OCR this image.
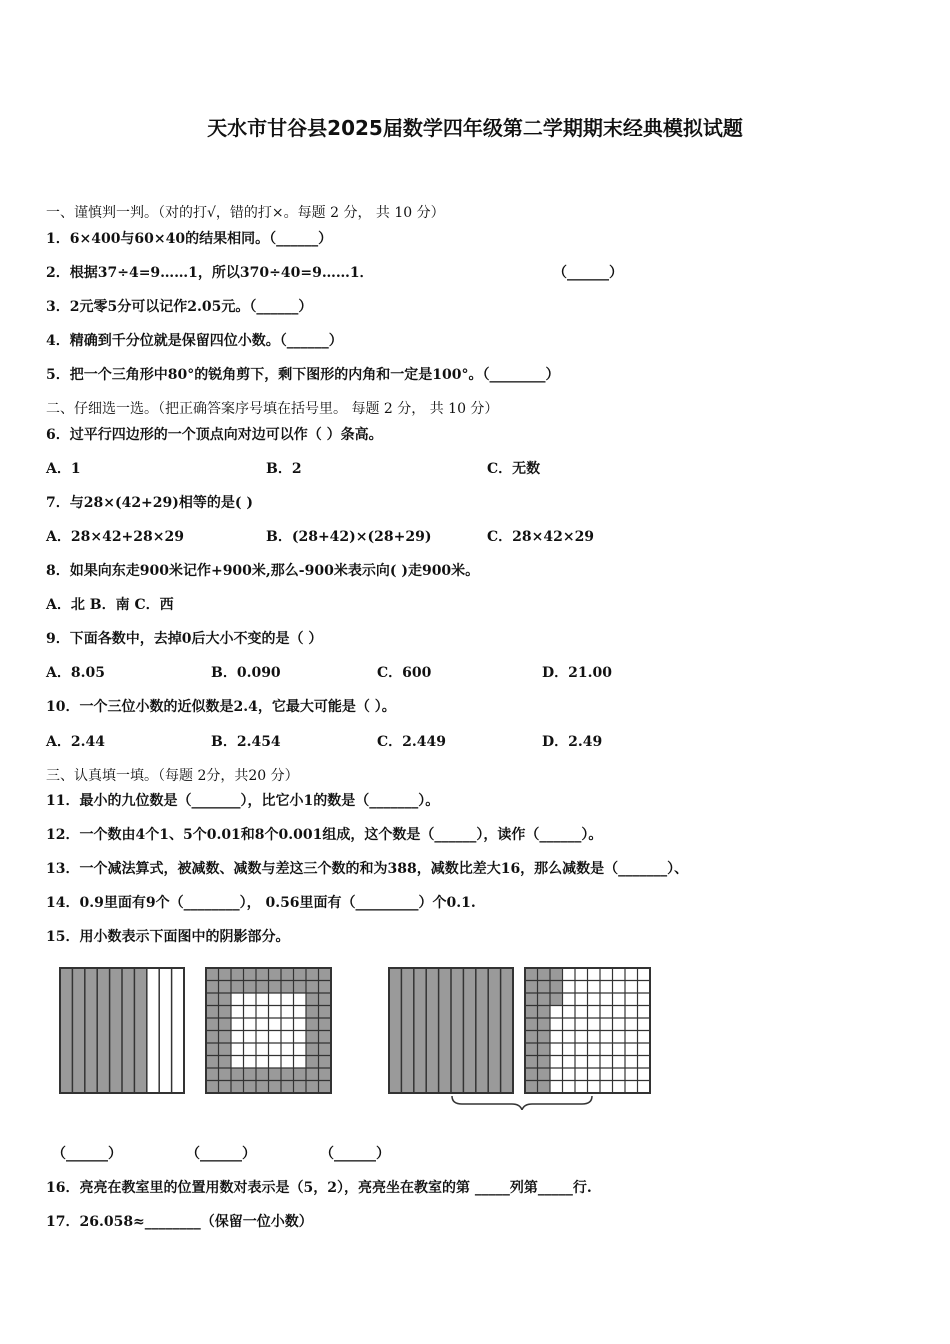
天水市甘谷县2025届数学四年级第二学期期末经典模拟试题
一、谨慎判一判。（对的打√，错的打×。每题 2 分， 共 10 分）
1．6×400与60×40的结果相同。（______）
2．根据37÷4=9……1，所以370÷40=9……1．	（______）
3．2元零5分可以记作2.05元。（______）
4．精确到千分位就是保留四位小数。（______）
5．把一个三角形中80°的锐角剪下，剩下图形的内角和一定是100°。（________）
二、仔细选一选。（把正确答案序号填在括号里。 每题 2 分， 共 10 分）
6．过平行四边形的一个顶点向对边可以作（ ）条高。
A．1	B．2	C．无数
7．与28×(42+29)相等的是( )
A．28×42+28×29	B．(28+42)×(28+29)	C．28×42×29
8．如果向东走900米记作+900米,那么-900米表示向( )走900米。
A．北 B．南 C．西
9．下面各数中，去掉0后大小不变的是（ ）
A．8.05	B．0.090	C．600	D．21.00
10．一个三位小数的近似数是2.4，它最大可能是（ ）。
A．2.44	B．2.454	C．2.449	D．2.49
三、认真填一填。（每题 2分，共20 分）
11．最小的九位数是（_______），比它小1的数是（_______）。
12．一个数由4个1、5个0.01和8个0.001组成，这个数是（______），读作（______）。
13．一个减法算式，被减数、减数与差这三个数的和为388，减数比差大16，那么减数是（_______）、
14．0.9里面有9个（________）， 0.56里面有（_________）个0.1.
15．用小数表示下面图中的阴影部分。
（______）	（______）	（______）
16．亮亮在教室里的位置用数对表示是（5，2），亮亮坐在教室的第 _____列第_____行.
17．26.058≈________（保留一位小数）
